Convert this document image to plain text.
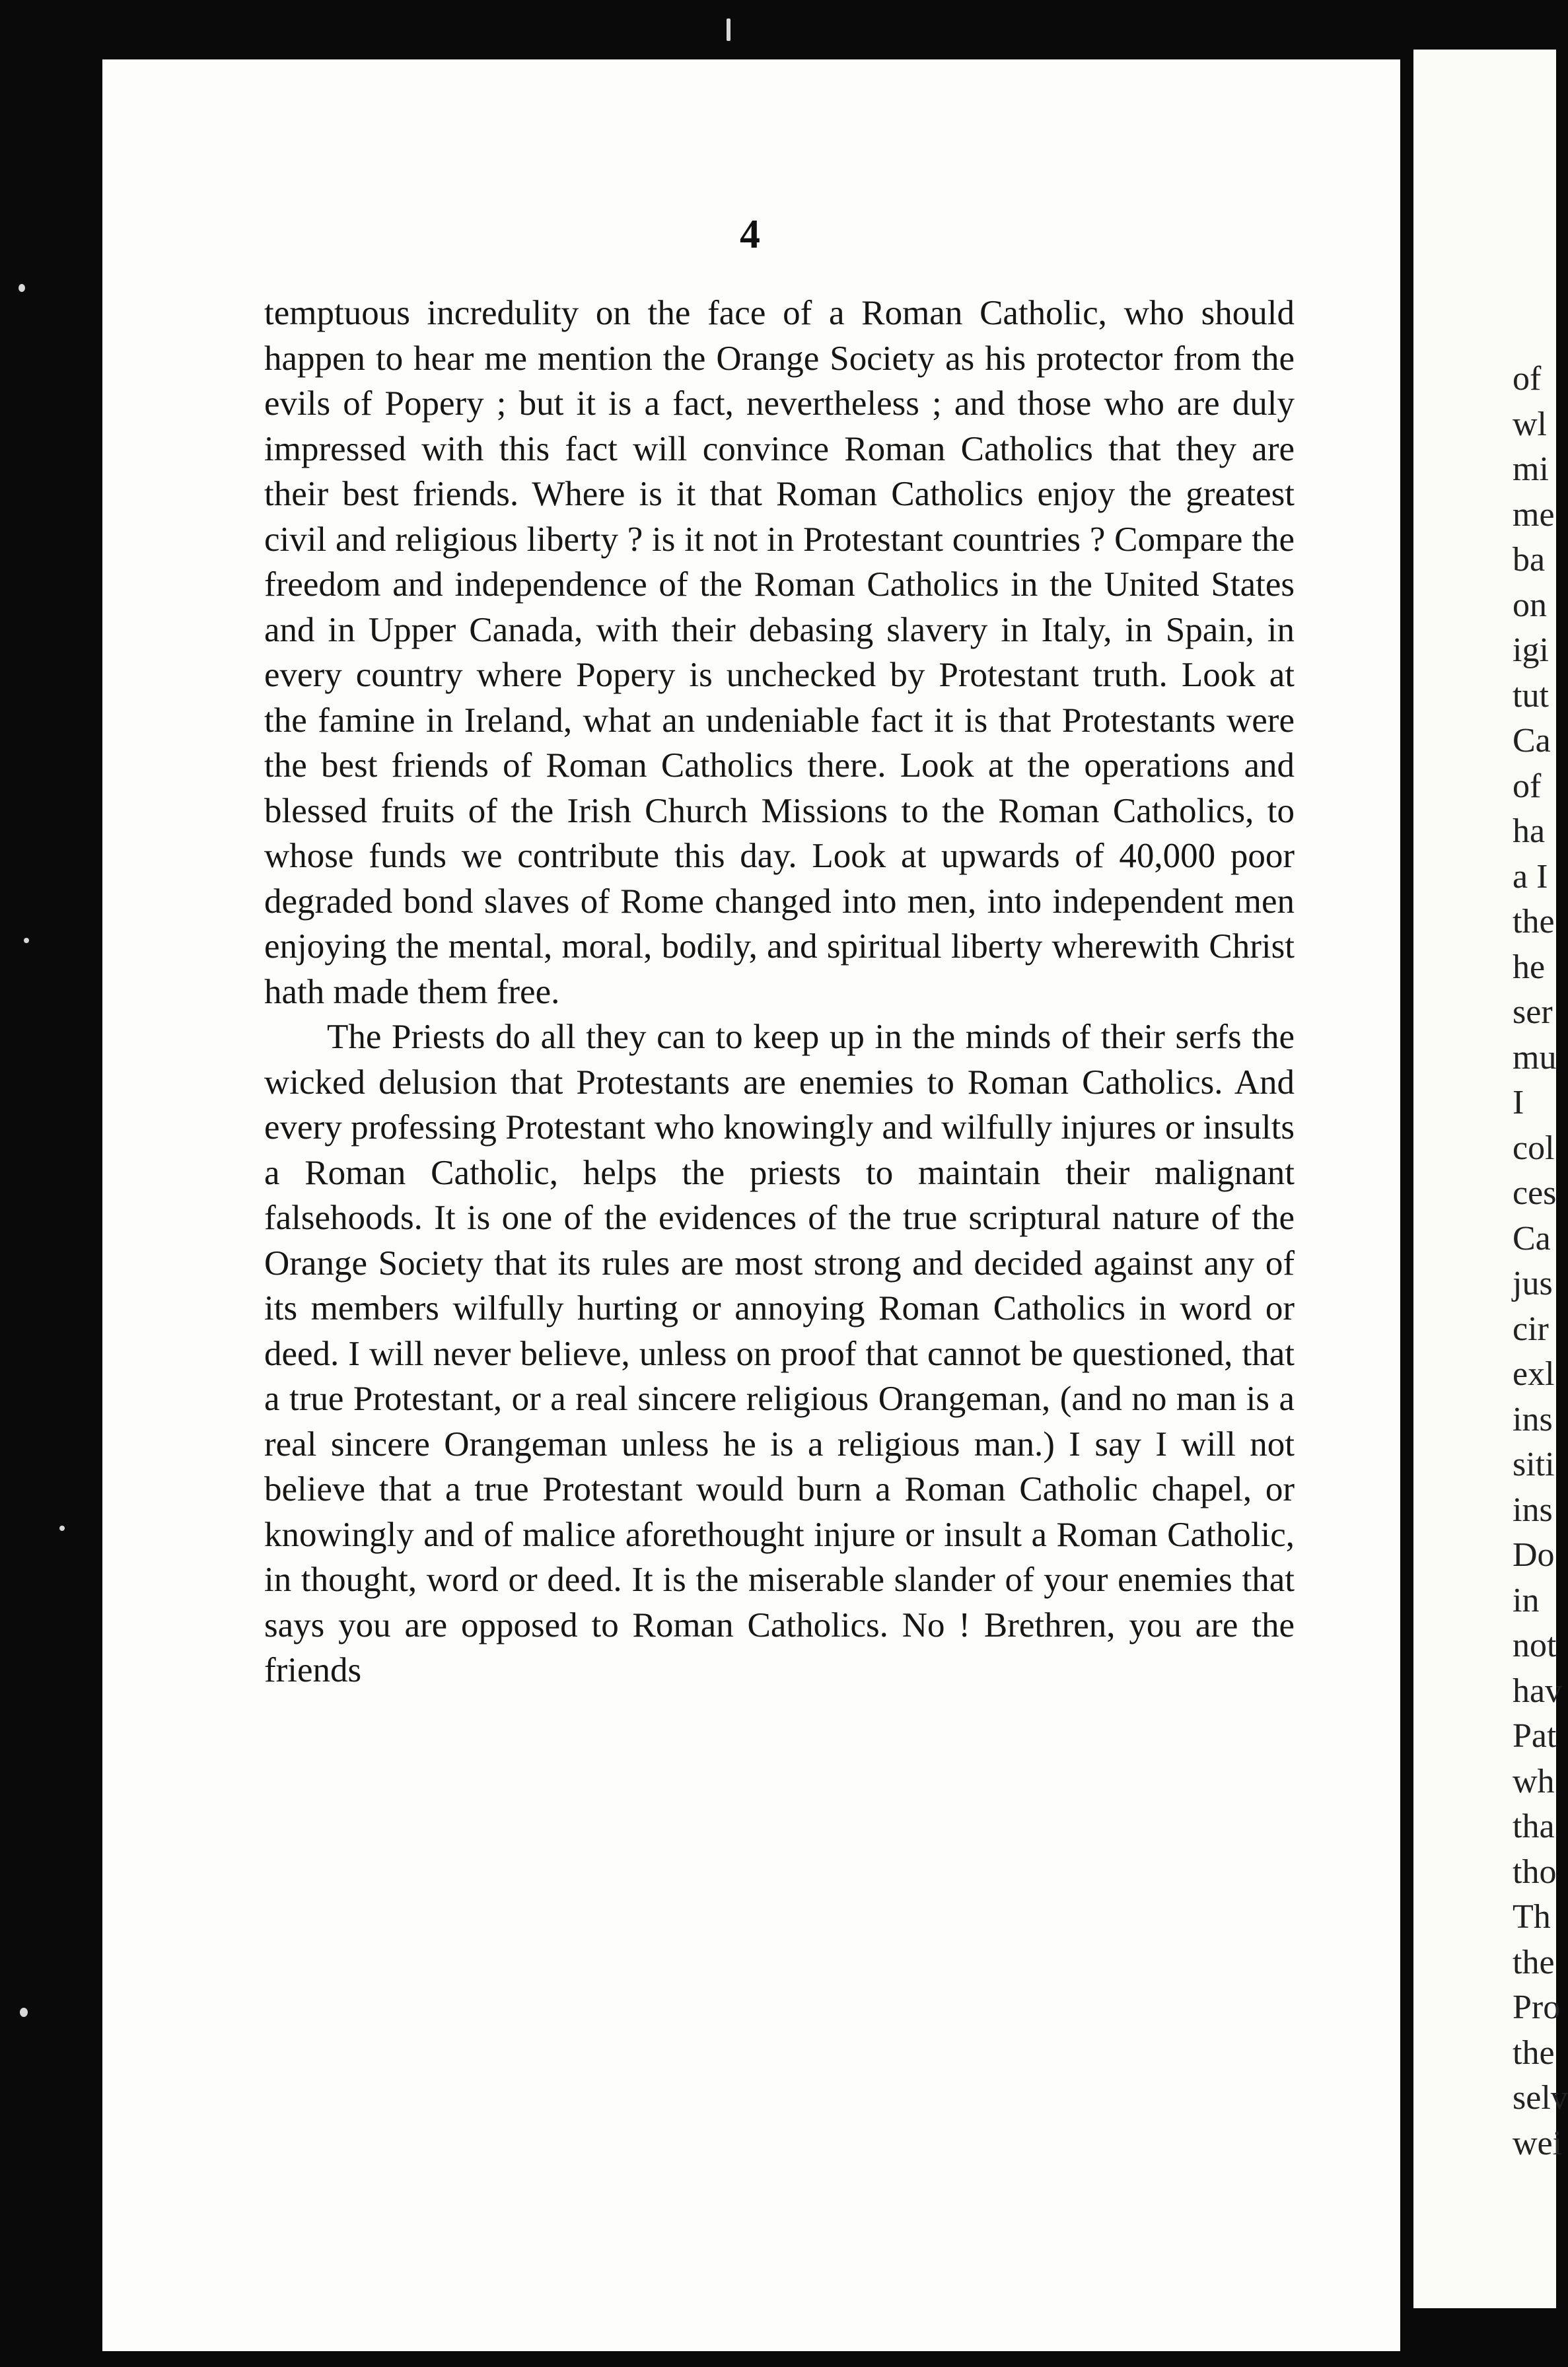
4

temptuous incredulity on the face of a Roman Catholic, who should happen to hear me mention the Orange Society as his protector from the evils of Popery ; but it is a fact, nevertheless ; and those who are duly impressed with this fact will convince Roman Catholics that they are their best friends. Where is it that Roman Catholics enjoy the greatest civil and religious liberty ? is it not in Protestant countries ? Compare the freedom and independence of the Roman Catholics in the United States and in Upper Canada, with their debasing slavery in Italy, in Spain, in every country where Popery is unchecked by Protestant truth. Look at the famine in Ireland, what an undeniable fact it is that Protestants were the best friends of Roman Catholics there. Look at the operations and blessed fruits of the Irish Church Missions to the Roman Catholics, to whose funds we contribute this day. Look at upwards of 40,000 poor degraded bond slaves of Rome changed into men, into independent men enjoying the mental, moral, bodily, and spiritual liberty wherewith Christ hath made them free.

The Priests do all they can to keep up in the minds of their serfs the wicked delusion that Protestants are enemies to Roman Catholics. And every professing Protestant who knowingly and wilfully injures or insults a Roman Catholic, helps the priests to maintain their malignant falsehoods. It is one of the evidences of the true scriptural nature of the Orange Society that its rules are most strong and decided against any of its members wilfully hurting or annoying Roman Catholics in word or deed. I will never believe, unless on proof that cannot be questioned, that a true Protestant, or a real sincere religious Orangeman, (and no man is a real sincere Orangeman unless he is a religious man.) I say I will not believe that a true Protestant would burn a Roman Catholic chapel, or knowingly and of malice aforethought injure or insult a Roman Catholic, in thought, word or deed. It is the miserable slander of your enemies that says you are opposed to Roman Catholics. No ! Brethren, you are the friends

of
wl
mi
me
ba
on
igi
tut
Ca
of
ha
a I
the
he
ser
mu
I
col
ces
Ca
jus
cir
exl
ins
siti
ins
Do
in
not
hav
Pat
wh
tha
tho
Th
the
Pro
the
selv
wei
